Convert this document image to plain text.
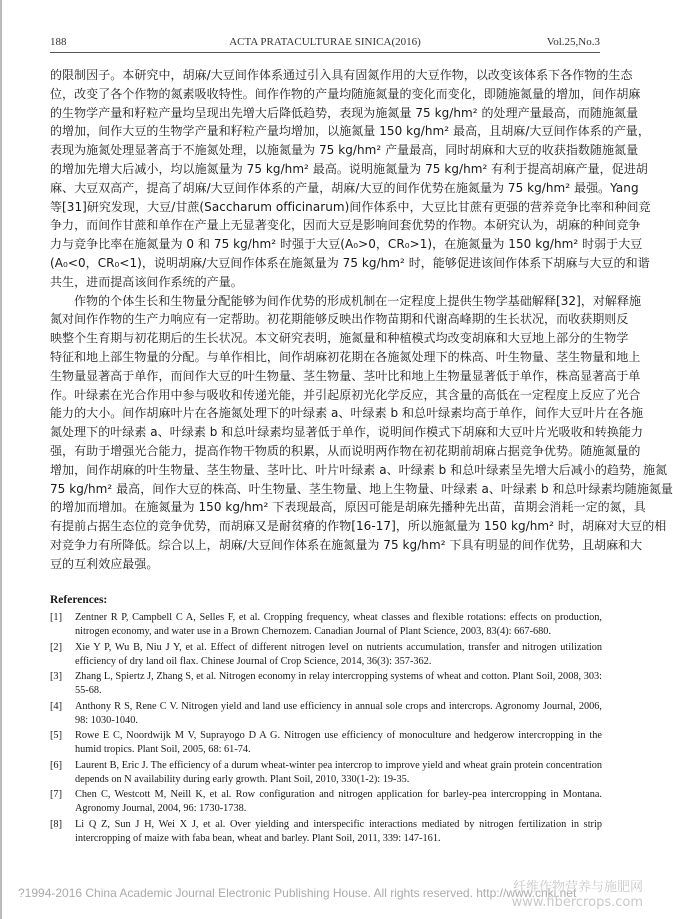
188	ACTA PRATACULTURAE SINICA(2016)	Vol.25,No.3
的限制因子。本研究中，胡麻/大豆间作体系通过引入具有固氮作用的大豆作物，以改变该体系下各作物的生态
位，改变了各个作物的氮素吸收特性。间作作物的产量均随施氮量的变化而变化，即随施氮量的增加，间作胡麻
的生物学产量和籽粒产量均呈现出先增大后降低趋势，表现为施氮量 75 kg/hm² 的处理产量最高，而随施氮量
的增加，间作大豆的生物学产量和籽粒产量均增加，以施氮量 150 kg/hm² 最高，且胡麻/大豆间作体系的产量，
表现为施氮处理显著高于不施氮处理，以施氮量为 75 kg/hm² 产量最高，同时胡麻和大豆的收获指数随施氮量
的增加先增大后减小，均以施氮量为 75 kg/hm² 最高。说明施氮量为 75 kg/hm² 有利于提高胡麻产量，促进胡
麻、大豆双高产，提高了胡麻/大豆间作体系的产量，胡麻/大豆的间作优势在施氮量为 75 kg/hm² 最强。Yang
等[31]研究发现，大豆/甘蔗(Saccharum officinarum)间作体系中，大豆比甘蔗有更强的营养竞争比率和种间竞
争力，而间作甘蔗和单作在产量上无显著变化，因而大豆是影响间套优势的作物。本研究认为，胡麻的种间竞争
力与竞争比率在施氮量为 0 和 75 kg/hm² 时强于大豆(A₀>0，CR₀>1)，在施氮量为 150 kg/hm² 时弱于大豆
(A₀<0，CR₀<1)，说明胡麻/大豆间作体系在施氮量为 75 kg/hm² 时，能够促进该间作体系下胡麻与大豆的和谐
共生，进而提高该间作系统的产量。
作物的个体生长和生物量分配能够为间作优势的形成机制在一定程度上提供生物学基础解释[32]，对解释施
氮对间作作物的生产力响应有一定帮助。初花期能够反映出作物苗期和代谢高峰期的生长状况，而收获期则反
映整个生育期与初花期后的生长状况。本文研究表明，施氮量和种植模式均改变胡麻和大豆地上部分的生物学
特征和地上部生物量的分配。与单作相比，间作胡麻初花期在各施氮处理下的株高、叶生物量、茎生物量和地上
生物量显著高于单作，而间作大豆的叶生物量、茎生物量、茎叶比和地上生物量显著低于单作，株高显著高于单
作。叶绿素在光合作用中参与吸收和传递光能，并引起原初光化学反应，其含量的高低在一定程度上反应了光合
能力的大小。间作胡麻叶片在各施氮处理下的叶绿素 a、叶绿素 b 和总叶绿素均高于单作，间作大豆叶片在各施
氮处理下的叶绿素 a、叶绿素 b 和总叶绿素均显著低于单作，说明间作模式下胡麻和大豆叶片光吸收和转换能力
强，有助于增强光合能力，提高作物干物质的积累，从而说明两作物在初花期前胡麻占据竞争优势。随施氮量的
增加，间作胡麻的叶生物量、茎生物量、茎叶比、叶片叶绿素 a、叶绿素 b 和总叶绿素呈先增大后减小的趋势，施氮
75 kg/hm² 最高，间作大豆的株高、叶生物量、茎生物量、地上生物量、叶绿素 a、叶绿素 b 和总叶绿素均随施氮量
的增加而增加。在施氮量为 150 kg/hm² 下表现最高，原因可能是胡麻先播种先出苗，苗期会消耗一定的氮，具
有提前占据生态位的竞争优势，而胡麻又是耐贫瘠的作物[16-17]，所以施氮量为 150 kg/hm² 时，胡麻对大豆的相
对竞争力有所降低。综合以上，胡麻/大豆间作体系在施氮量为 75 kg/hm² 下具有明显的间作优势，且胡麻和大
豆的互利效应最强。
References:
[1]	Zentner R P, Campbell C A, Selles F, et al. Cropping frequency, wheat classes and flexible rotations: effects on production, nitrogen economy, and water use in a Brown Chernozem. Canadian Journal of Plant Science, 2003, 83(4): 667-680.
[2]	Xie Y P, Wu B, Niu J Y, et al. Effect of different nitrogen level on nutrients accumulation, transfer and nitrogen utilization efficiency of dry land oil flax. Chinese Journal of Crop Science, 2014, 36(3): 357-362.
[3]	Zhang L, Spiertz J, Zhang S, et al. Nitrogen economy in relay intercropping systems of wheat and cotton. Plant Soil, 2008, 303: 55-68.
[4]	Anthony R S, Rene C V. Nitrogen yield and land use efficiency in annual sole crops and intercrops. Agronomy Journal, 2006, 98: 1030-1040.
[5]	Rowe E C, Noordwijk M V, Suprayogo D A G. Nitrogen use efficiency of monoculture and hedgerow intercropping in the humid tropics. Plant Soil, 2005, 68: 61-74.
[6]	Laurent B, Eric J. The efficiency of a durum wheat-winter pea intercrop to improve yield and wheat grain protein concentration depends on N availability during early growth. Plant Soil, 2010, 330(1-2): 19-35.
[7]	Chen C, Westcott M, Neill K, et al. Row configuration and nitrogen application for barley-pea intercropping in Montana. Agronomy Journal, 2004, 96: 1730-1738.
[8]	Li Q Z, Sun J H, Wei X J, et al. Over yielding and interspecific interactions mediated by nitrogen fertilization in strip intercropping of maize with faba bean, wheat and barley. Plant Soil, 2011, 339: 147-161.
?1994-2016 China Academic Journal Electronic Publishing House. All rights reserved. http://www.cnki.net
纤维作物营养与施肥网
www.fibercrops.com
